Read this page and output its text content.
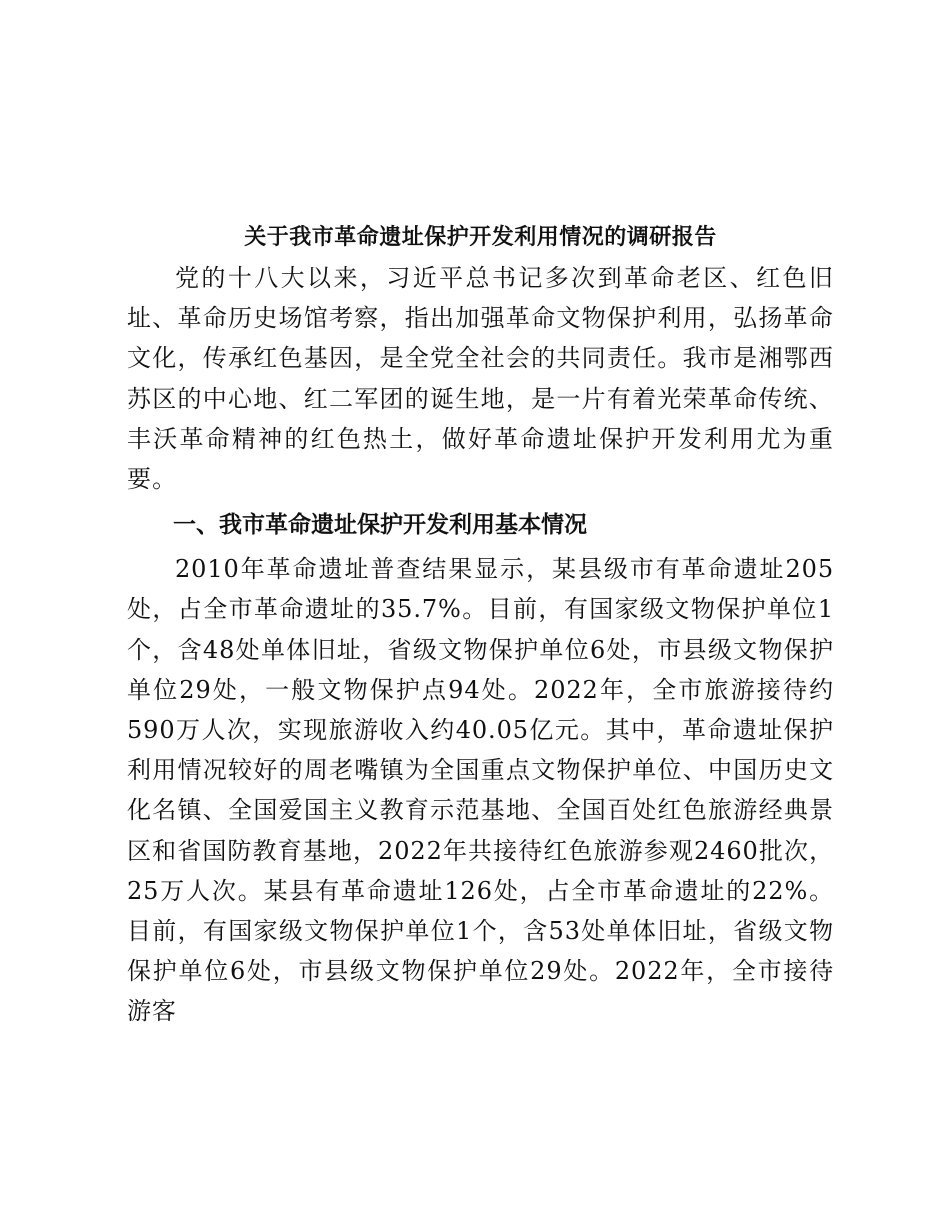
关于我市革命遗址保护开发利用情况的调研报告

党的十八大以来，习近平总书记多次到革命老区、红色旧址、革命历史场馆考察，指出加强革命文物保护利用，弘扬革命文化，传承红色基因，是全党全社会的共同责任。我市是湘鄂西苏区的中心地、红二军团的诞生地，是一片有着光荣革命传统、丰沃革命精神的红色热土，做好革命遗址保护开发利用尤为重要。

一、我市革命遗址保护开发利用基本情况

2010年革命遗址普查结果显示，某县级市有革命遗址205处，占全市革命遗址的35.7%。目前，有国家级文物保护单位1个，含48处单体旧址，省级文物保护单位6处，市县级文物保护单位29处，一般文物保护点94处。2022年，全市旅游接待约590万人次，实现旅游收入约40.05亿元。其中，革命遗址保护利用情况较好的周老嘴镇为全国重点文物保护单位、中国历史文化名镇、全国爱国主义教育示范基地、全国百处红色旅游经典景区和省国防教育基地，2022年共接待红色旅游参观2460批次，25万人次。某县有革命遗址126处，占全市革命遗址的22%。目前，有国家级文物保护单位1个，含53处单体旧址，省级文物保护单位6处，市县级文物保护单位29处。2022年，全市接待游客
